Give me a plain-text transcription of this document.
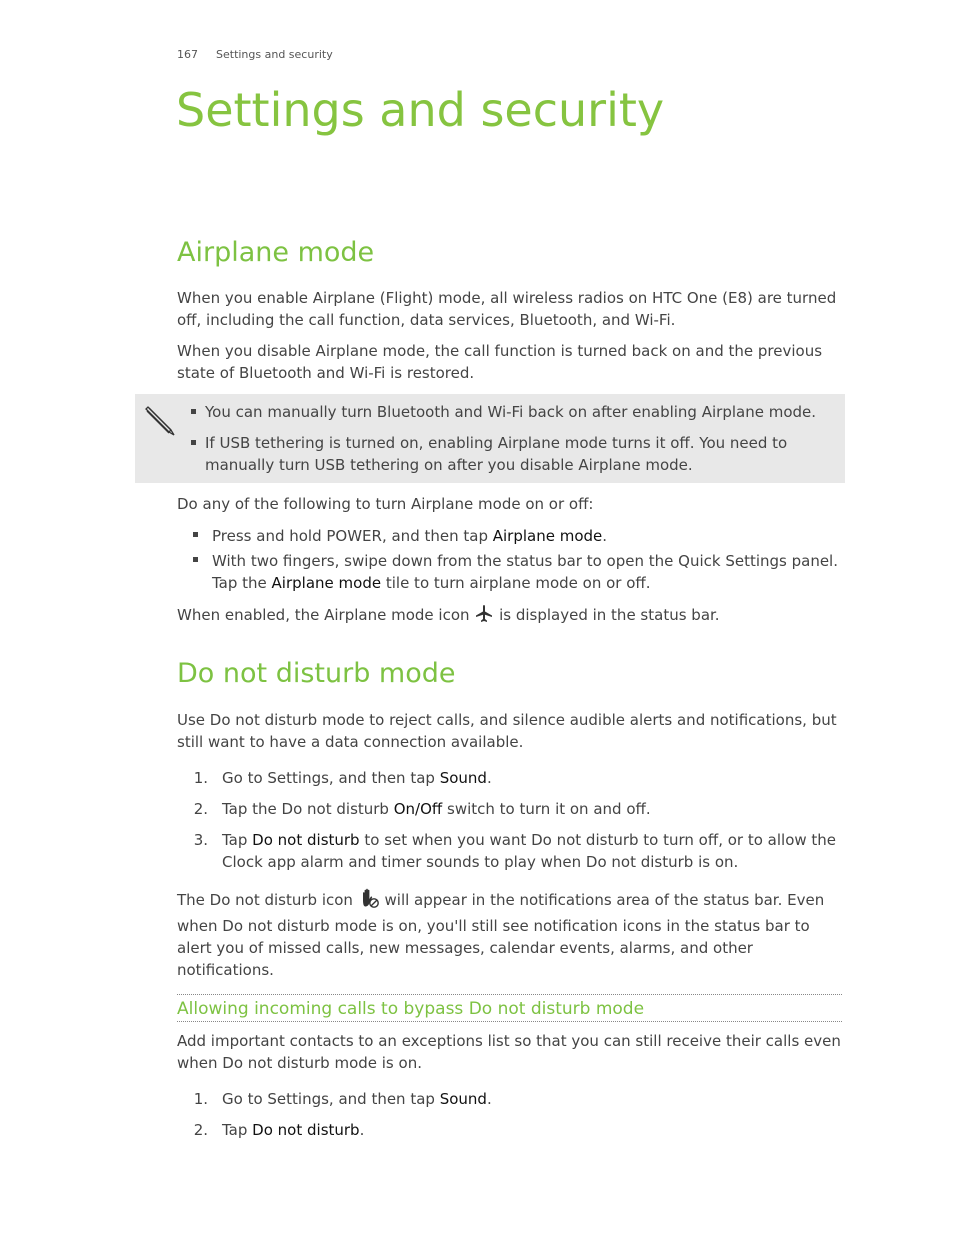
167 Settings and security
Settings and security
Airplane mode

When you enable Airplane (Flight) mode, all wireless radios on HTC One (E8) are turned off, including the call function, data services, Bluetooth, and Wi-Fi.

When you disable Airplane mode, the call function is turned back on and the previous state of Bluetooth and Wi-Fi is restored.

You can manually turn Bluetooth and Wi-Fi back on after enabling Airplane mode.
If USB tethering is turned on, enabling Airplane mode turns it off. You need to manually turn USB tethering on after you disable Airplane mode.

Do any of the following to turn Airplane mode on or off:

Press and hold POWER, and then tap Airplane mode.
With two fingers, swipe down from the status bar to open the Quick Settings panel. Tap the Airplane mode tile to turn airplane mode on or off.
When enabled, the Airplane mode icon is displayed in the status bar.
Do not disturb mode

Use Do not disturb mode to reject calls, and silence audible alerts and notifications, but still want to have a data connection available.

1. Go to Settings, and then tap Sound.
2. Tap the Do not disturb On/Off switch to turn it on and off.
3. Tap Do not disturb to set when you want Do not disturb to turn off, or to allow the Clock app alarm and timer sounds to play when Do not disturb is on.
The Do not disturb icon will appear in the notifications area of the status bar. Even when Do not disturb mode is on, you'll still see notification icons in the status bar to alert you of missed calls, new messages, calendar events, alarms, and other notifications.
Allowing incoming calls to bypass Do not disturb mode

Add important contacts to an exceptions list so that you can still receive their calls even when Do not disturb mode is on.

1. Go to Settings, and then tap Sound.
2. Tap Do not disturb.
